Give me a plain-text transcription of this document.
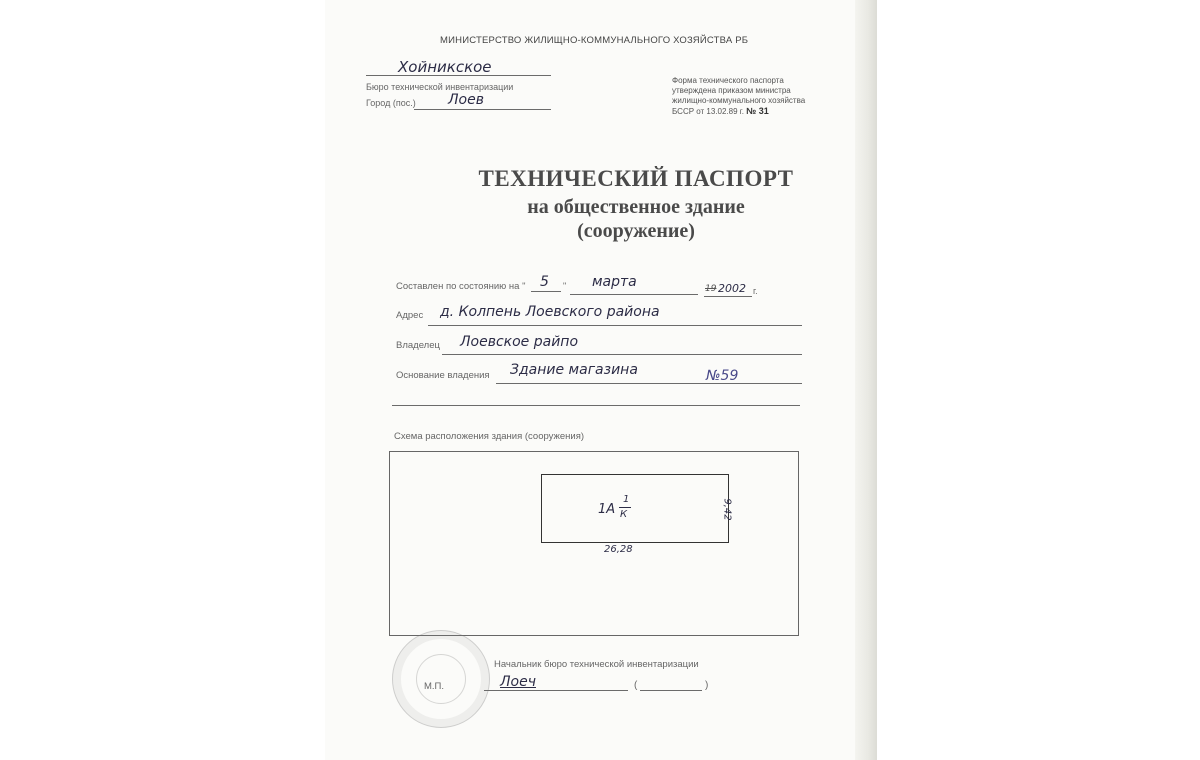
МИНИСТЕРСТВО ЖИЛИЩНО-КОММУНАЛЬНОГО ХОЗЯЙСТВА РБ
Хойникское
Бюро технической инвентаризации
Город (пос.) Лоев
Форма технического паспорта
утверждена приказом министра
жилищно-коммунального хозяйства
БССР от 13.02.89 г. № 31
ТЕХНИЧЕСКИЙ ПАСПОРТ
на общественное здание
(сооружение)
Составлен по состоянию на " 5 " марта	19 2002 г.
Адрес д. Колпень Лоевского района
Владелец Лоевское райпо
Основание владения Здание магазина	№59
Схема расположения здания (сооружения)
1А
1
К
26,28
9,42
Начальник бюро технической инвентаризации
М.П.	Лоеч	(	)
